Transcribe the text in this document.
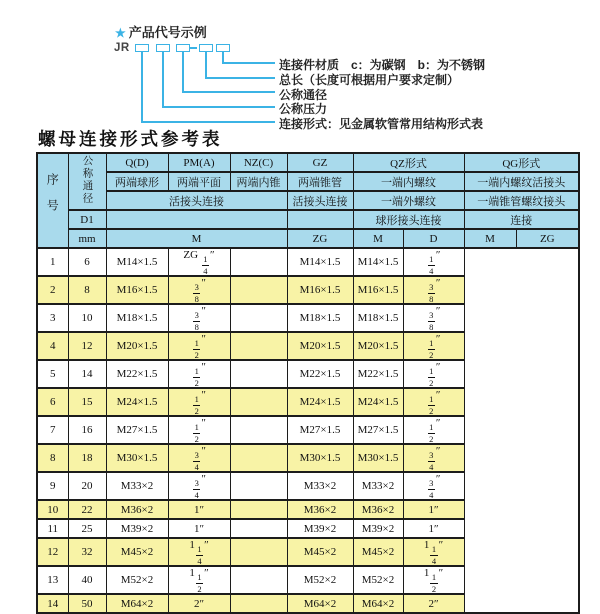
★ 产品代号示例
JR
连接件材质　c：为碳钢　b：为不锈钢
总长（长度可根据用户要求定制）
公称通径
公称压力
连接形式：见金属软管常用结构形式表
螺母连接形式参考表
序号	公称通径	Q(D)	PM(A)	NZ(C)	GZ	QZ形式		QG形式	
		两端球形	两端平面	两端内锥	两端锥管	一端内螺纹		一端内螺纹活接头	
		活接头连接			活接头连接	一端外螺纹		一端锥管螺纹接头	
	D1					球形接头连接		连接	
	mm	M			ZG	M	D	M	ZG
1	6	M14×1.5	ZG $\frac{1}{4}$ ″		M14×1.5	M14×1.5	$\frac{1}{4}$ ″		
2	8	M16×1.5	$\frac{3}{8}$ ″		M16×1.5	M16×1.5	$\frac{3}{8}$ ″		
3	10	M18×1.5	$\frac{3}{8}$ ″		M18×1.5	M18×1.5	$\frac{3}{8}$ ″		
4	12	M20×1.5	$\frac{1}{2}$ ″		M20×1.5	M20×1.5	$\frac{1}{2}$ ″		
5	14	M22×1.5	$\frac{1}{2}$ ″		M22×1.5	M22×1.5	$\frac{1}{2}$ ″		
6	15	M24×1.5	$\frac{1}{2}$ ″		M24×1.5	M24×1.5	$\frac{1}{2}$ ″		
7	16	M27×1.5	$\frac{1}{2}$ ″		M27×1.5	M27×1.5	$\frac{1}{2}$ ″		
8	18	M30×1.5	$\frac{3}{4}$ ″		M30×1.5	M30×1.5	$\frac{3}{4}$ ″		
9	20	M33×2	$\frac{3}{4}$ ″		M33×2	M33×2	$\frac{3}{4}$ ″		
10	22	M36×2	1″		M36×2	M36×2	1″		
11	25	M39×2	1″		M39×2	M39×2	1″		
12	32	M45×2	$1 \frac{1}{4}$ ″		M45×2	M45×2	$1 \frac{1}{4}$ ″		
13	40	M52×2	$1 \frac{1}{2}$ ″		M52×2	M52×2	$1 \frac{1}{2}$ ″		
14	50	M64×2	2″		M64×2	M64×2	2″		
